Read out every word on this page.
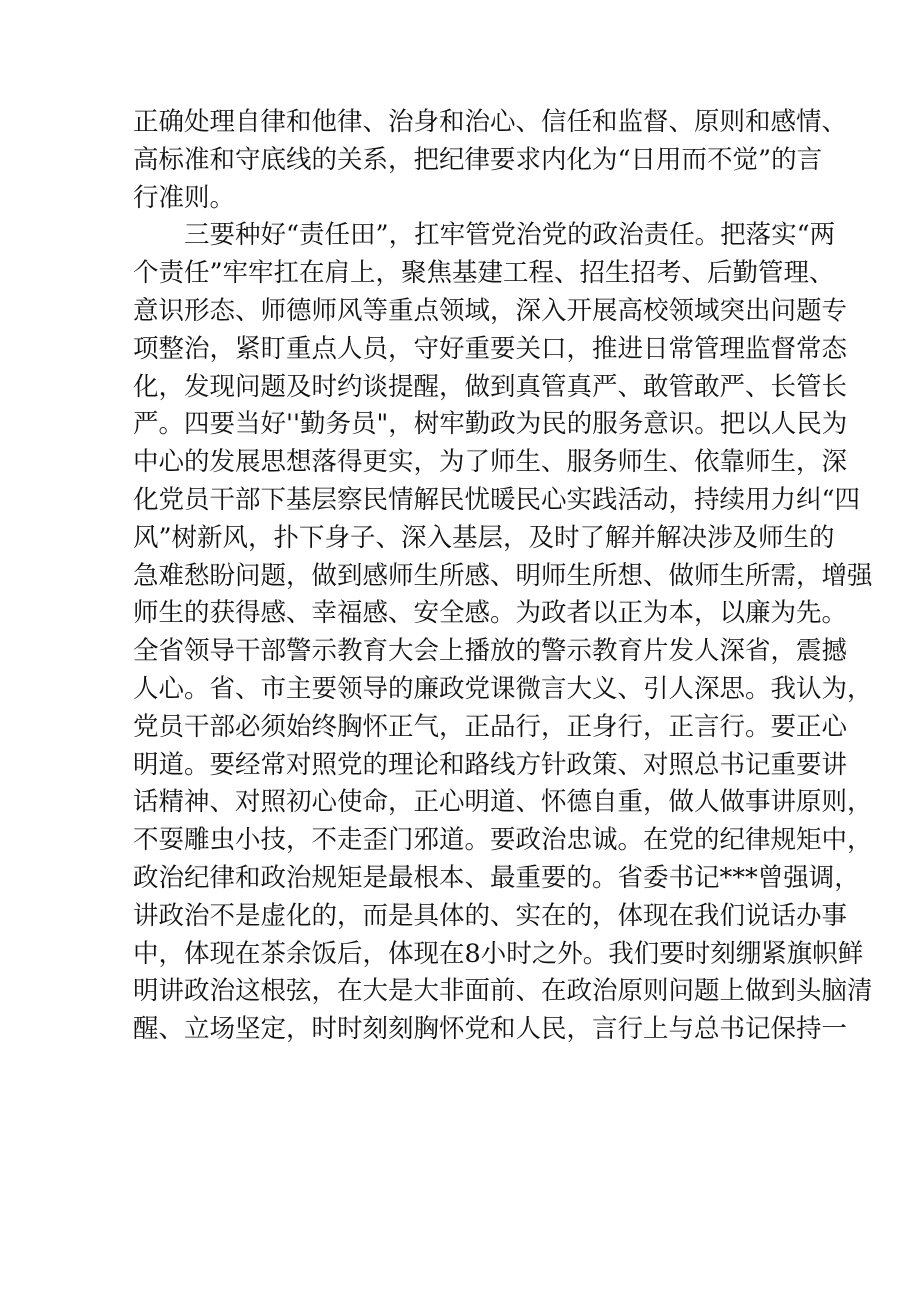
正确处理自律和他律、治身和治心、信任和监督、原则和感情、
高标准和守底线的关系，把纪律要求内化为“日用而不觉”的言
行准则。
三要种好“责任田”，扛牢管党治党的政治责任。把落实“两
个责任”牢牢扛在肩上，聚焦基建工程、招生招考、后勤管理、
意识形态、师德师风等重点领域，深入开展高校领域突出问题专
项整治，紧盯重点人员，守好重要关口，推进日常管理监督常态
化，发现问题及时约谈提醒，做到真管真严、敢管敢严、长管长
严。四要当好''勤务员"，树牢勤政为民的服务意识。把以人民为
中心的发展思想落得更实，为了师生、服务师生、依靠师生，深
化党员干部下基层察民情解民忧暖民心实践活动，持续用力纠“四
风”树新风，扑下身子、深入基层，及时了解并解决涉及师生的
急难愁盼问题，做到感师生所感、明师生所想、做师生所需，增强
师生的获得感、幸福感、安全感。为政者以正为本，以廉为先。
全省领导干部警示教育大会上播放的警示教育片发人深省，震撼
人心。省、市主要领导的廉政党课微言大义、引人深思。我认为，
党员干部必须始终胸怀正气，正品行，正身行，正言行。要正心
明道。要经常对照党的理论和路线方针政策、对照总书记重要讲
话精神、对照初心使命，正心明道、怀德自重，做人做事讲原则，
不耍雕虫小技，不走歪门邪道。要政治忠诚。在党的纪律规矩中，
政治纪律和政治规矩是最根本、最重要的。省委书记***曾强调，
讲政治不是虚化的，而是具体的、实在的，体现在我们说话办事
中，体现在茶余饭后，体现在8小时之外。我们要时刻绷紧旗帜鲜
明讲政治这根弦，在大是大非面前、在政治原则问题上做到头脑清
醒、立场坚定，时时刻刻胸怀党和人民，言行上与总书记保持一
